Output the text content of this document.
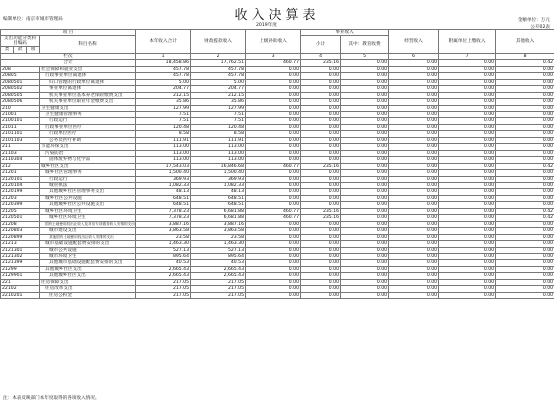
收入决算表
编制单位：南京市城市管理局
2019年度
金额单位：万元
公开02表
项 目				本年收入合计	财政拨款收入	上级补助收入	事业收入		经营收入	附属单位上缴收入	其他收入
支出功能分类科目编码			科目名称				小计	其中：教育收费			
类	款	项									
栏次				1	2	3	4	5	6	7	8
合计				18,458.86	17,762.51	460.77	235.16	0.00	0.00	0.00	0.42
208			社会保障和就业支出	457.78	457.78	0.00	0.00	0.00	0.00	0.00	0.00
20805			行政事业单位离退休	457.78	457.78	0.00	0.00	0.00	0.00	0.00	0.00
2080501			归口管理的行政单位离退休	5.00	5.00	0.00	0.00	0.00	0.00	0.00	0.00
2080502			事业单位离退休	204.77	204.77	0.00	0.00	0.00	0.00	0.00	0.00
2080505			机关事业单位基本养老保险缴费支出	212.15	212.15	0.00	0.00	0.00	0.00	0.00	0.00
2080506			机关事业单位职业年金缴费支出	35.86	35.86	0.00	0.00	0.00	0.00	0.00	0.00
210			卫生健康支出	127.99	127.99	0.00	0.00	0.00	0.00	0.00	0.00
21001			卫生健康管理事务	7.51	7.51	0.00	0.00	0.00	0.00	0.00	0.00
2100101			行政运行	7.51	7.51	0.00	0.00	0.00	0.00	0.00	0.00
21011			行政事业单位医疗	120.48	120.48	0.00	0.00	0.00	0.00	0.00	0.00
2101101			行政单位医疗	8.58	8.58	0.00	0.00	0.00	0.00	0.00	0.00
2101103			公务员医疗补助	111.91	111.91	0.00	0.00	0.00	0.00	0.00	0.00
211			节能环保支出	113.00	113.00	0.00	0.00	0.00	0.00	0.00	0.00
21103			污染防治	113.00	113.00	0.00	0.00	0.00	0.00	0.00	0.00
2110304			固体废弃物与化学品	113.00	113.00	0.00	0.00	0.00	0.00	0.00	0.00
212			城乡社区支出	17,543.03	16,846.68	460.77	235.16	0.00	0.00	0.00	0.42
21201			城乡社区管理事务	1,500.40	1,500.40	0.00	0.00	0.00	0.00	0.00	0.00
2120101			行政运行	369.93	369.93	0.00	0.00	0.00	0.00	0.00	0.00
2120104			城管执法	1,082.33	1,082.33	0.00	0.00	0.00	0.00	0.00	0.00
2120199			其他城乡社区管理事务支出	48.13	48.13	0.00	0.00	0.00	0.00	0.00	0.00
21203			城乡社区公共设施	648.51	648.51	0.00	0.00	0.00	0.00	0.00	0.00
2120399			其他城乡社区公共设施支出	648.51	648.51	0.00	0.00	0.00	0.00	0.00	0.00
21205			城乡社区环境卫生	7,378.23	6,681.88	460.77	235.16	0.00	0.00	0.00	0.42
2120501			城乡社区环境卫生	7,378.23	6,681.88	460.77	235.16	0.00	0.00	0.00	0.42
21208			国有土地使用权出让收入及对应专项债务收入安排的支出	3,887.16	3,887.16	0.00	0.00	0.00	0.00	0.00	0.00
2120803			城市建设支出	3,863.58	3,863.58	0.00	0.00	0.00	0.00	0.00	0.00
2120899			其他国有土地使用权出让收入安排的支出	23.58	23.58	0.00	0.00	0.00	0.00	0.00	0.00
21213			城市基础设施配套费安排的支出	1,463.30	1,463.30	0.00	0.00	0.00	0.00	0.00	0.00
2121301			城市公共设施	527.13	527.13	0.00	0.00	0.00	0.00	0.00	0.00
2121302			城市环境卫生	895.64	895.64	0.00	0.00	0.00	0.00	0.00	0.00
2121399			其他城市基础设施配套费安排的支出	40.53	40.53	0.00	0.00	0.00	0.00	0.00	0.00
21299			其他城乡社区支出	2,665.43	2,665.43	0.00	0.00	0.00	0.00	0.00	0.00
2129901			其他城乡社区支出	2,665.43	2,665.43	0.00	0.00	0.00	0.00	0.00	0.00
221			住房保障支出	217.05	217.05	0.00	0.00	0.00	0.00	0.00	0.00
22102			住房改革支出	217.05	217.05	0.00	0.00	0.00	0.00	0.00	0.00
2210201			住房公积金	217.05	217.05	0.00	0.00	0.00	0.00	0.00	0.00
注：本表反映部门本年度取得的各项收入情况。
